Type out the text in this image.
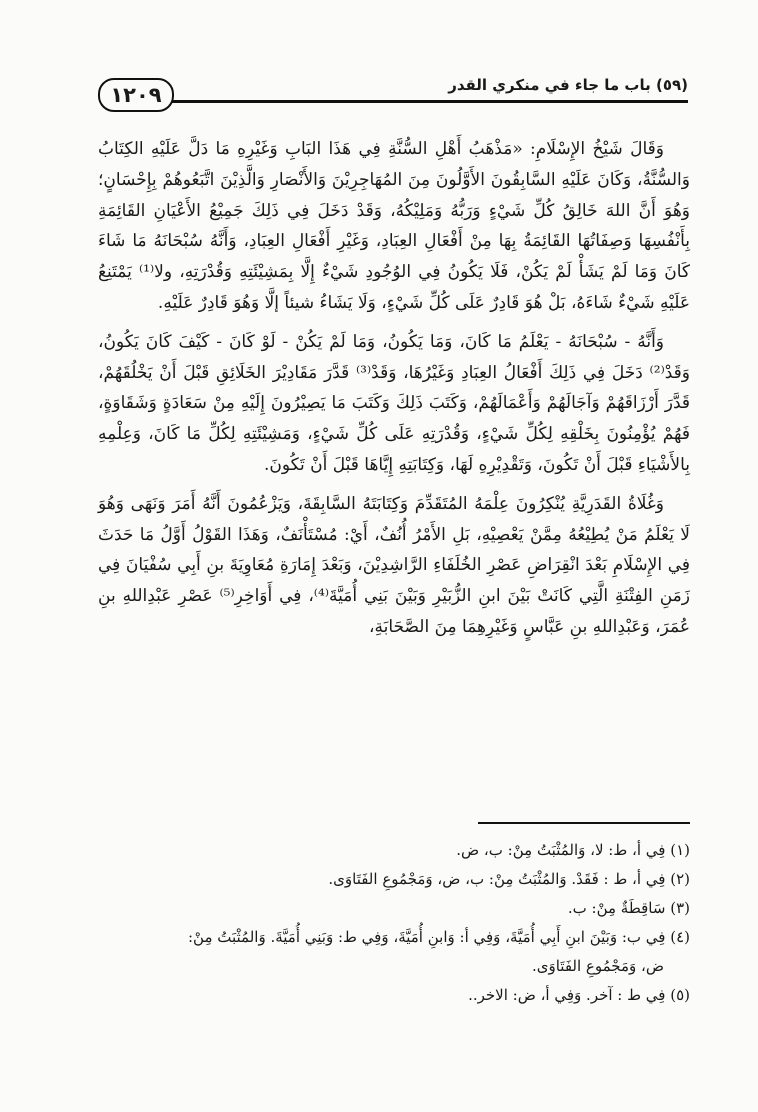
١٢٠٩	(٥٩) باب ما جاء في منكري القدر

وَقَالَ شَيْخُ الإِسْلَامِ: «مَذْهَبُ أَهْلِ السُّنَّةِ فِي هَذَا البَابِ وَغَيْرِهِ مَا دَلَّ عَلَيْهِ الكِتَابُ وَالسُّنَّةُ، وَكَانَ عَلَيْهِ السَّابِقُونَ الأَوَّلُونَ مِنَ المُهَاجِرِيْنَ وَالأَنْصَارِ وَالَّذِيْنَ اتَّبَعُوهُمْ بِإِحْسَانٍ؛ وَهُوَ أَنَّ اللهَ خَالِقُ كُلِّ شَيْءٍ وَرَبُّهُ وَمَلِيْكُهُ، وَقَدْ دَخَلَ فِي ذَلِكَ جَمِيْعُ الأَعْيَانِ القَائِمَةِ بِأَنْفُسِهَا وَصِفَاتُهَا القَائِمَةُ بِهَا مِنْ أَفْعَالِ العِبَادِ، وَغَيْرِ أَفْعَالِ العِبَادِ، وَأَنَّهُ سُبْحَانَهُ مَا شَاءَ كَانَ وَمَا لَمْ يَشَأْ لَمْ يَكُنْ، فَلَا يَكُونُ فِي الوُجُودِ شَيْءٌ إِلَّا بِمَشِيْئَتِهِ وَقُدْرَتِهِ، ولا⁽¹⁾ يَمْتَنِعُ عَلَيْهِ شَيْءٌ شَاءَهُ، بَلْ هُوَ قَادِرٌ عَلَى كُلِّ شَيْءٍ، وَلَا يَشَاءُ شيئاً إلَّا وَهُوَ قَادِرٌ عَلَيْهِ.

وَأَنَّهُ - سُبْحَانَهُ - يَعْلَمُ مَا كَانَ، وَمَا يَكُونُ، وَمَا لَمْ يَكُنْ - لَوْ كَانَ - كَيْفَ كَانَ يَكُونُ، وَقَدْ⁽²⁾ دَخَلَ فِي ذَلِكَ أَفْعَالُ العِبَادِ وَغَيْرُهَا، وَقَدْ⁽³⁾ قَدَّرَ مَقَادِيْرَ الخَلَائِقِ قَبْلَ أَنْ يَخْلُقَهُمْ، قَدَّرَ أَرْزَاقَهُمْ وَآجَالَهُمْ وَأَعْمَالَهُمْ، وَكَتَبَ ذَلِكَ وَكَتَبَ مَا يَصِيْرُونَ إِلَيْهِ مِنْ سَعَادَةٍ وَشَقَاوَةٍ، فَهُمْ يُؤْمِنُونَ بِخَلْقِهِ لِكُلِّ شَيْءٍ، وَقُدْرَتِهِ عَلَى كُلِّ شَيْءٍ، وَمَشِيْئَتِهِ لِكُلِّ مَا كَانَ، وَعِلْمِهِ بِالأَشْيَاءِ قَبْلَ أَنْ تَكُونَ، وَتَقْدِيْرِهِ لَهَا، وَكِتَابَتِهِ إِيَّاهَا قَبْلَ أَنْ تَكُونَ.

وَغُلَاةُ القَدَرِيَّةِ يُنْكِرُونَ عِلْمَهُ المُتَقَدِّمَ وَكِتَابَتَهُ السَّابِقَةَ، وَيَزْعُمُونَ أَنَّهُ أَمَرَ وَنَهَى وَهُوَ لَا يَعْلَمُ مَنْ يُطِيْعُهُ مِمَّنْ يَعْصِيْهِ، بَلِ الأَمْرُ أُنُفٌ، أَيْ: مُسْتَأْنَفٌ، وَهَذَا القَوْلُ أَوَّلُ مَا حَدَثَ فِي الإِسْلَامِ بَعْدَ انْقِرَاضِ عَصْرِ الخُلَفَاءِ الرَّاشِدِيْنَ، وَبَعْدَ إِمَارَةِ مُعَاوِيَةَ بنِ أَبِي سُفْيَانَ فِي زَمَنِ الفِتْنَةِ الَّتِي كَانَتْ بَيْنَ ابنِ الزُّبَيْرِ وَبَيْنَ بَنِي أُمَيَّةَ⁽⁴⁾، فِي أَوَاخِرِ⁽⁵⁾ عَصْرِ عَبْدِاللهِ بنِ عُمَرَ، وَعَبْدِاللهِ بنِ عَبَّاسٍ وَغَيْرِهِمَا مِنَ الصَّحَابَةِ،

(١) فِي أ، ط: لا، وَالمُثْبَتُ مِنْ: ب، ض.

(٢) فِي أ، ط : فَقَدْ. وَالمُثْبَتُ مِنْ: ب، ض، وَمَجْمُوعِ الفَتَاوَى.

(٣) سَاقِطَةٌ مِنْ: ب.

(٤) فِي ب: وَبَيْنَ ابنِ أَبِي أُمَيَّةَ، وَفِي أ: وَابنِ أُمَيَّةَ، وَفِي ط: وَبَنِي أُمَيَّةَ. وَالمُثْبَتُ مِنْ:

ض، وَمَجْمُوعِ الفَتَاوَى.

(٥) فِي ط : آخر. وَفِي أ، ض: الاخر..
